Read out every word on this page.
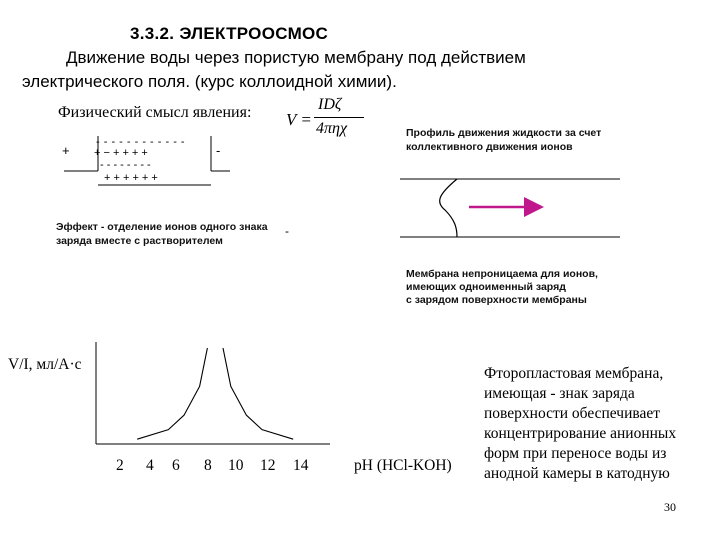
3.3.2. ЭЛЕКТРООСМОС
Движение воды через пористую мембрану под действием
электрического поля. (курс коллоидной химии).
Физический смысл явления: V =
IDζ
4πηχ
+	-
- - - - - - - - - - - -
+ − + + + +
- - - - - - - -
+ + + + + +
Эффект - отделение ионов одного знака
заряда вместе с растворителем
-
Профиль движения жидкости за счет
коллективного движения ионов
Мембрана непроницаема для ионов,
имеющих одноименный заряд
с зарядом поверхности мембраны
V/I, мл/А·с
2 4 6 8 10 12 14	pH (HCl-KOH)
Фторопластовая мембрана,
имеющая - знак заряда
поверхности обеспечивает
концентрирование анионных
форм при переносе воды из
анодной камеры в катодную
30
